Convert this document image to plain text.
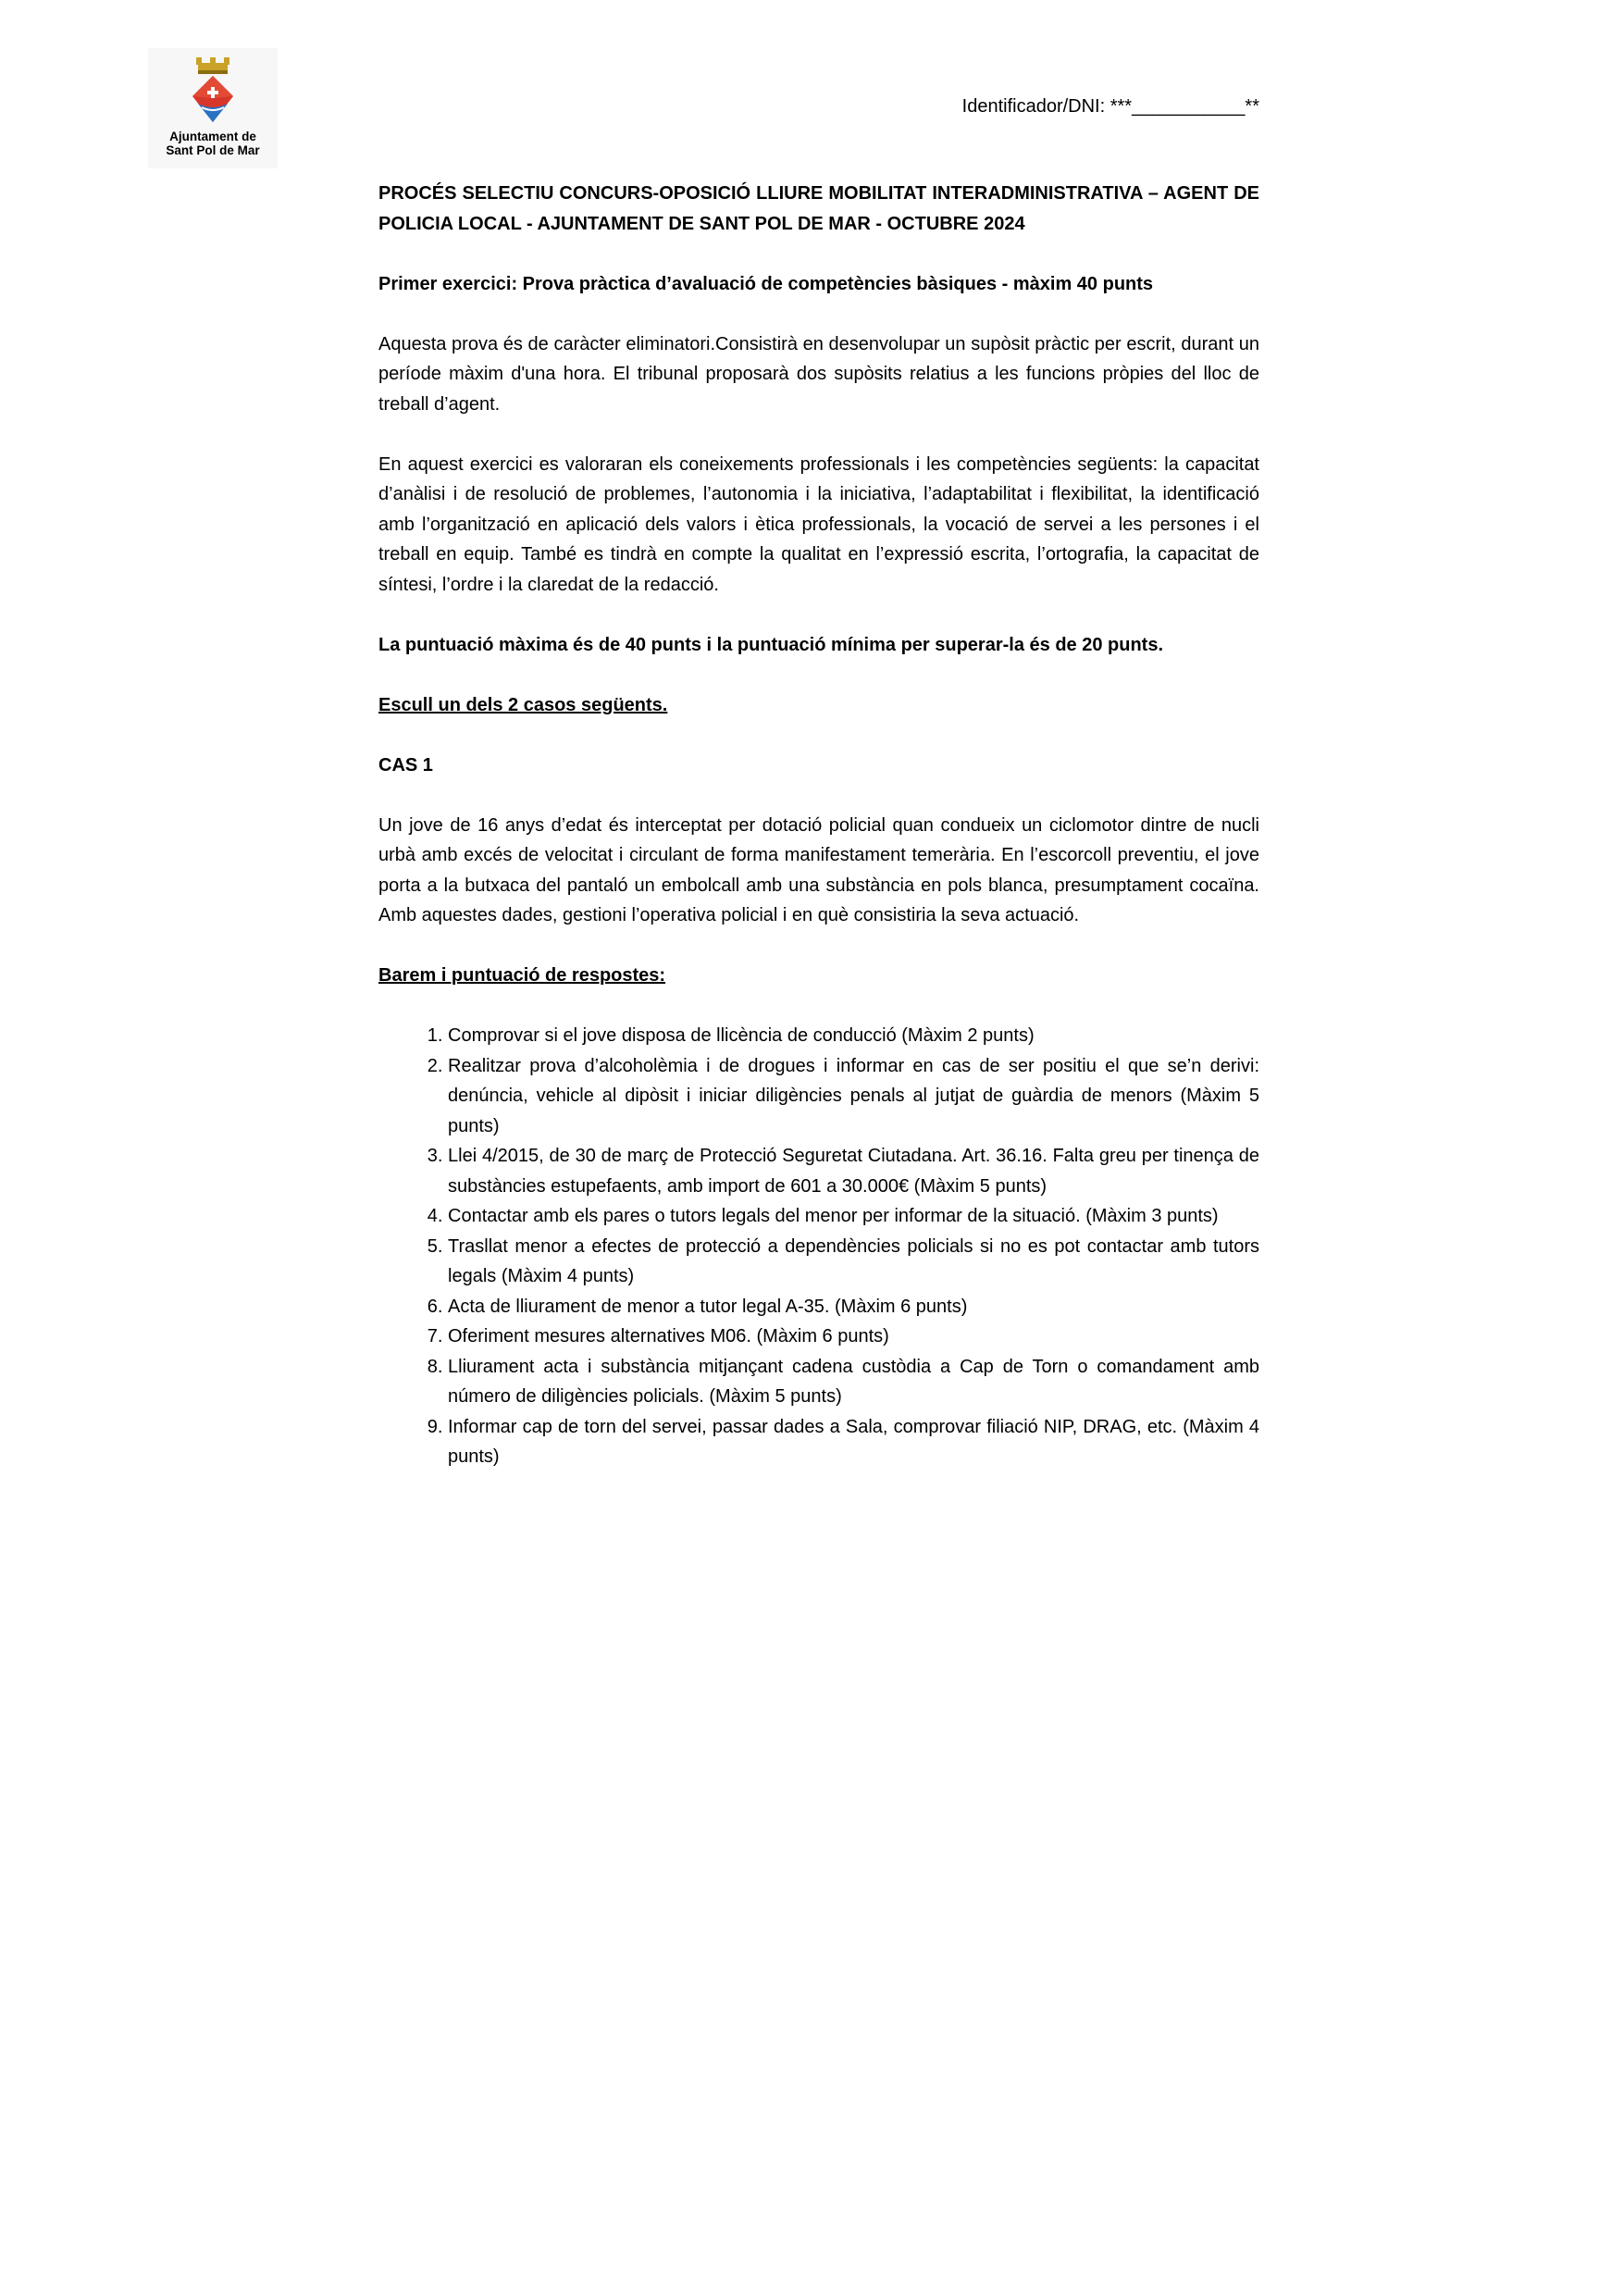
Ajuntament de
Sant Pol de Mar
Identificador/DNI: ***___________**

PROCÉS SELECTIU CONCURS-OPOSICIÓ LLIURE MOBILITAT INTERADMINISTRATIVA – AGENT DE POLICIA LOCAL - AJUNTAMENT DE SANT POL DE MAR - OCTUBRE 2024

Primer exercici: Prova pràctica d’avaluació de competències bàsiques - màxim 40 punts

Aquesta prova és de caràcter eliminatori.Consistirà en desenvolupar un supòsit pràctic per escrit, durant un període màxim d'una hora. El tribunal proposarà dos supòsits relatius a les funcions pròpies del lloc de treball d’agent.

En aquest exercici es valoraran els coneixements professionals i les competències següents: la capacitat d’anàlisi i de resolució de problemes, l’autonomia i la iniciativa, l’adaptabilitat i flexibilitat, la identificació amb l’organització en aplicació dels valors i ètica professionals, la vocació de servei a les persones i el treball en equip. També es tindrà en compte la qualitat en l’expressió escrita, l’ortografia, la capacitat de síntesi, l’ordre i la claredat de la redacció.

La puntuació màxima és de 40 punts i la puntuació mínima per superar-la és de 20 punts.

Escull un dels 2 casos següents.

CAS 1

Un jove de 16 anys d’edat és interceptat per dotació policial quan condueix un ciclomotor dintre de nucli urbà amb excés de velocitat i circulant de forma manifestament temerària. En l’escorcoll preventiu, el jove porta a la butxaca del pantaló un embolcall amb una substància en pols blanca, presumptament cocaïna. Amb aquestes dades, gestioni l’operativa policial i en què consistiria la seva actuació.

Barem i puntuació de respostes:

1. Comprovar si el jove disposa de llicència de conducció (Màxim 2 punts)
2. Realitzar prova d’alcoholèmia i de drogues i informar en cas de ser positiu el que se’n derivi: denúncia, vehicle al dipòsit i iniciar diligències penals al jutjat de guàrdia de menors (Màxim 5 punts)
3. Llei 4/2015, de 30 de març de Protecció Seguretat Ciutadana. Art. 36.16. Falta greu per tinença de substàncies estupefaents, amb import de 601 a 30.000€ (Màxim 5 punts)
4. Contactar amb els pares o tutors legals del menor per informar de la situació. (Màxim 3 punts)
5. Trasllat menor a efectes de protecció a dependències policials si no es pot contactar amb tutors legals (Màxim 4 punts)
6. Acta de lliurament de menor a tutor legal A-35. (Màxim 6 punts)
7. Oferiment mesures alternatives M06. (Màxim 6 punts)
8. Lliurament acta i substància mitjançant cadena custòdia a Cap de Torn o comandament amb número de diligències policials. (Màxim 5 punts)
9. Informar cap de torn del servei, passar dades a Sala, comprovar filiació NIP, DRAG, etc. (Màxim 4 punts)
